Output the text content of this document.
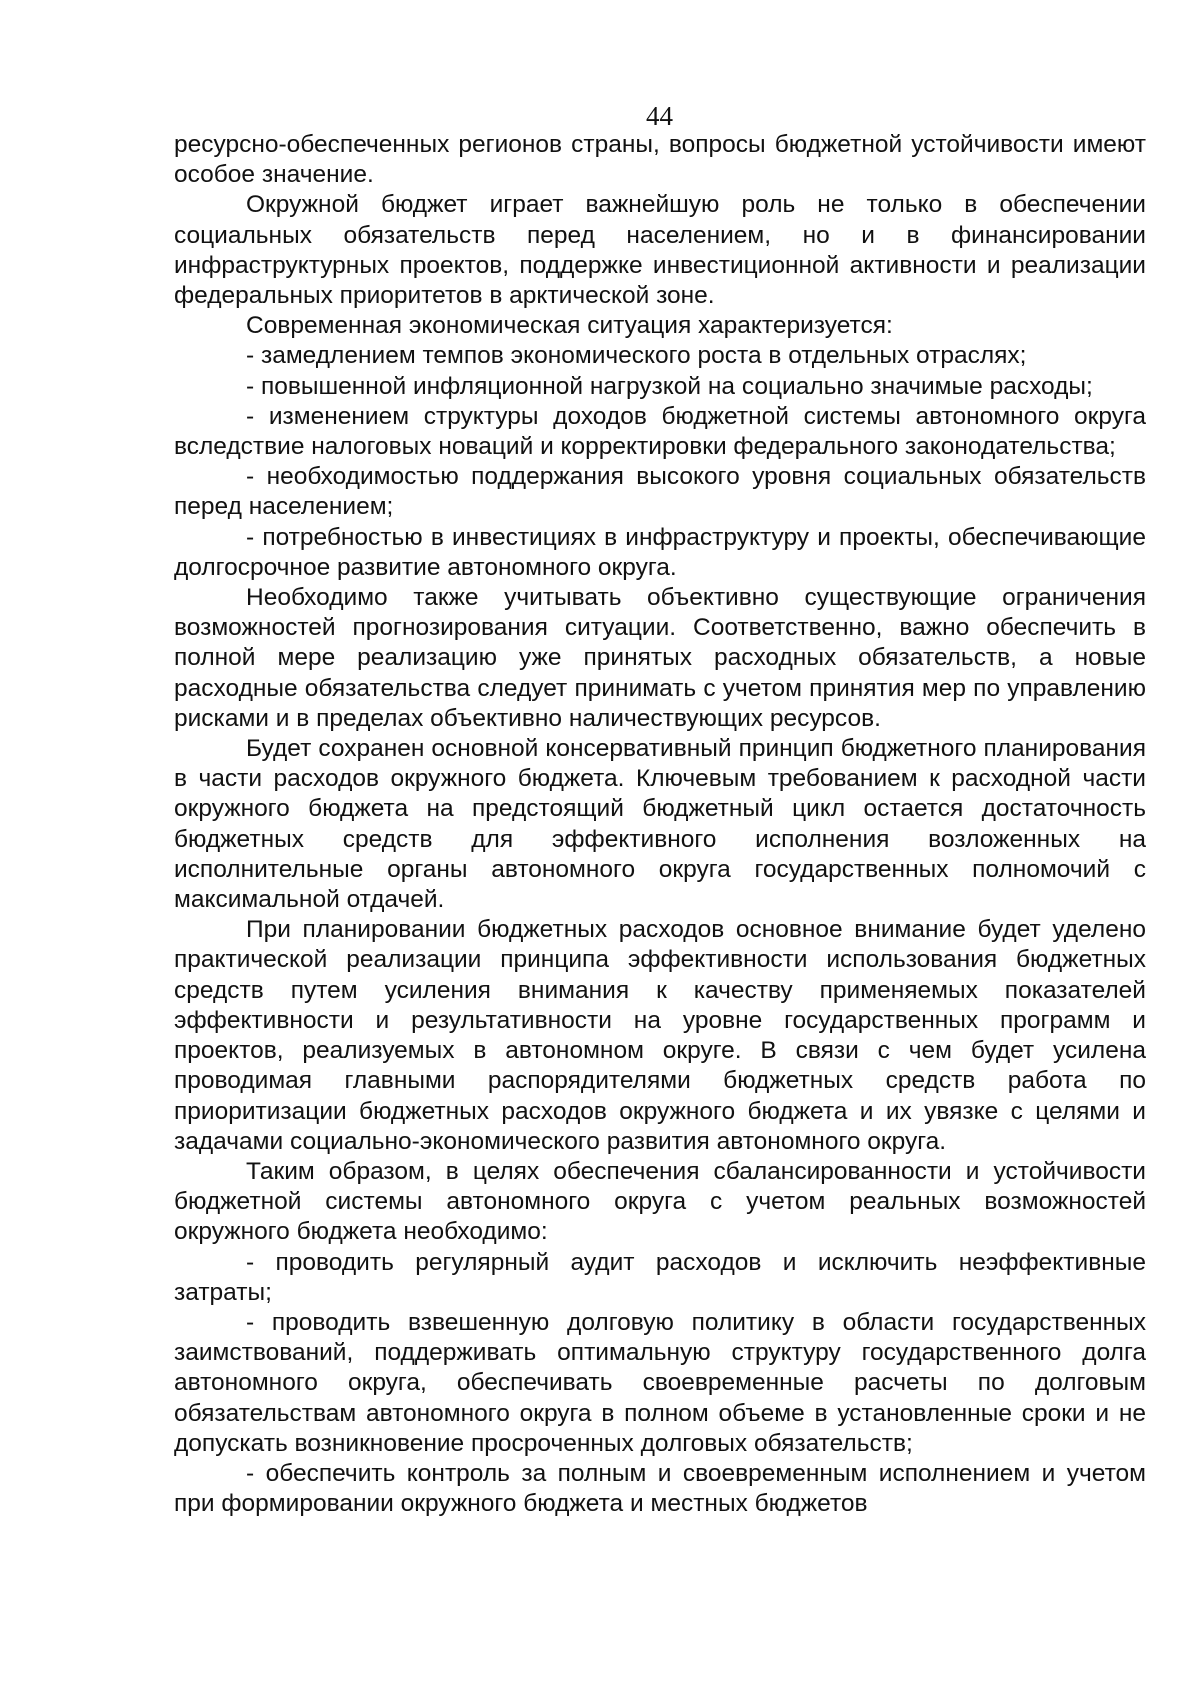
44

ресурсно-обеспеченных регионов страны, вопросы бюджетной устойчивости имеют особое значение.

Окружной бюджет играет важнейшую роль не только в обеспечении социальных обязательств перед населением, но и в финансировании инфраструктурных проектов, поддержке инвестиционной активности и реализации федеральных приоритетов в арктической зоне.

Современная экономическая ситуация характеризуется:

- замедлением темпов экономического роста в отдельных отраслях;

- повышенной инфляционной нагрузкой на социально значимые расходы;

- изменением структуры доходов бюджетной системы автономного округа вследствие налоговых новаций и корректировки федерального законодательства;

- необходимостью поддержания высокого уровня социальных обязательств перед населением;

- потребностью в инвестициях в инфраструктуру и проекты, обеспечивающие долгосрочное развитие автономного округа.

Необходимо также учитывать объективно существующие ограничения возможностей прогнозирования ситуации. Соответственно, важно обеспечить в полной мере реализацию уже принятых расходных обязательств, а новые расходные обязательства следует принимать с учетом принятия мер по управлению рисками и в пределах объективно наличествующих ресурсов.

Будет сохранен основной консервативный принцип бюджетного планирования в части расходов окружного бюджета. Ключевым требованием к расходной части окружного бюджета на предстоящий бюджетный цикл остается достаточность бюджетных средств для эффективного исполнения возложенных на исполнительные органы автономного округа государственных полномочий с максимальной отдачей.

При планировании бюджетных расходов основное внимание будет уделено практической реализации принципа эффективности использования бюджетных средств путем усиления внимания к качеству применяемых показателей эффективности и результативности на уровне государственных программ и проектов, реализуемых в автономном округе. В связи с чем будет усилена проводимая главными распорядителями бюджетных средств работа по приоритизации бюджетных расходов окружного бюджета и их увязке с целями и задачами социально-экономического развития автономного округа.

Таким образом, в целях обеспечения сбалансированности и устойчивости бюджетной системы автономного округа с учетом реальных возможностей окружного бюджета необходимо:

- проводить регулярный аудит расходов и исключить неэффективные затраты;

- проводить взвешенную долговую политику в области государственных заимствований, поддерживать оптимальную структуру государственного долга автономного округа, обеспечивать своевременные расчеты по долговым обязательствам автономного округа в полном объеме в установленные сроки и не допускать возникновение просроченных долговых обязательств;

- обеспечить контроль за полным и своевременным исполнением и учетом при формировании окружного бюджета и местных бюджетов
